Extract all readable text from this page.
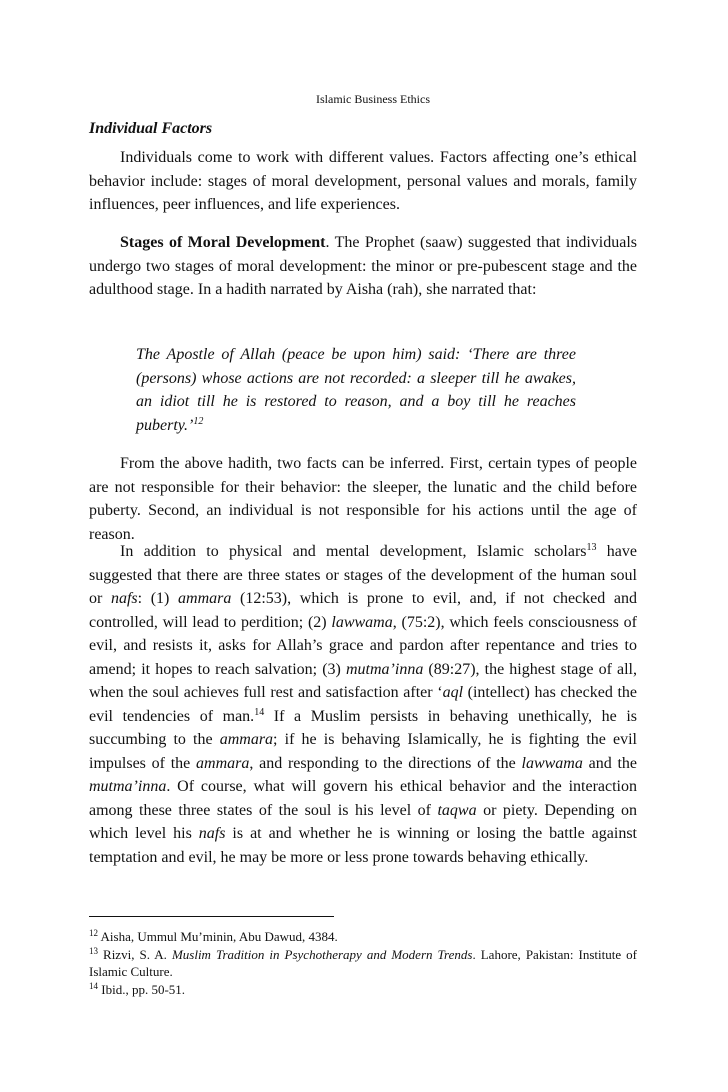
Islamic Business Ethics
Individual Factors

Individuals come to work with different values. Factors affecting one’s ethical behavior include: stages of moral development, personal values and morals, family influences, peer influences, and life experiences.

Stages of Moral Development. The Prophet (saaw) suggested that individuals undergo two stages of moral development: the minor or pre-pubescent stage and the adulthood stage. In a hadith narrated by Aisha (rah), she narrated that:

The Apostle of Allah (peace be upon him) said: ‘There are three (persons) whose actions are not recorded: a sleeper till he awakes, an idiot till he is restored to reason, and a boy till he reaches puberty.’$^{12}$

From the above hadith, two facts can be inferred. First, certain types of people are not responsible for their behavior: the sleeper, the lunatic and the child before puberty. Second, an individual is not responsible for his actions until the age of reason.

In addition to physical and mental development, Islamic scholars$^{13}$ have suggested that there are three states or stages of the development of the human soul or nafs: (1) ammara (12:53), which is prone to evil, and, if not checked and controlled, will lead to perdition; (2) lawwama, (75:2), which feels consciousness of evil, and resists it, asks for Allah’s grace and pardon after repentance and tries to amend; it hopes to reach salvation; (3) mutma’inna (89:27), the highest stage of all, when the soul achieves full rest and satisfaction after ‘aql (intellect) has checked the evil tendencies of man.$^{14}$ If a Muslim persists in behaving unethically, he is succumbing to the ammara; if he is behaving Islamically, he is fighting the evil impulses of the ammara, and responding to the directions of the lawwama and the mutma’inna. Of course, what will govern his ethical behavior and the interaction among these three states of the soul is his level of taqwa or piety. Depending on which level his nafs is at and whether he is winning or losing the battle against temptation and evil, he may be more or less prone towards behaving ethically.

$^{12}$ Aisha, Ummul Mu’minin, Abu Dawud, 4384.

$^{13}$ Rizvi, S. A. Muslim Tradition in Psychotherapy and Modern Trends. Lahore, Pakistan: Institute of Islamic Culture.

$^{14}$ Ibid., pp. 50-51.
